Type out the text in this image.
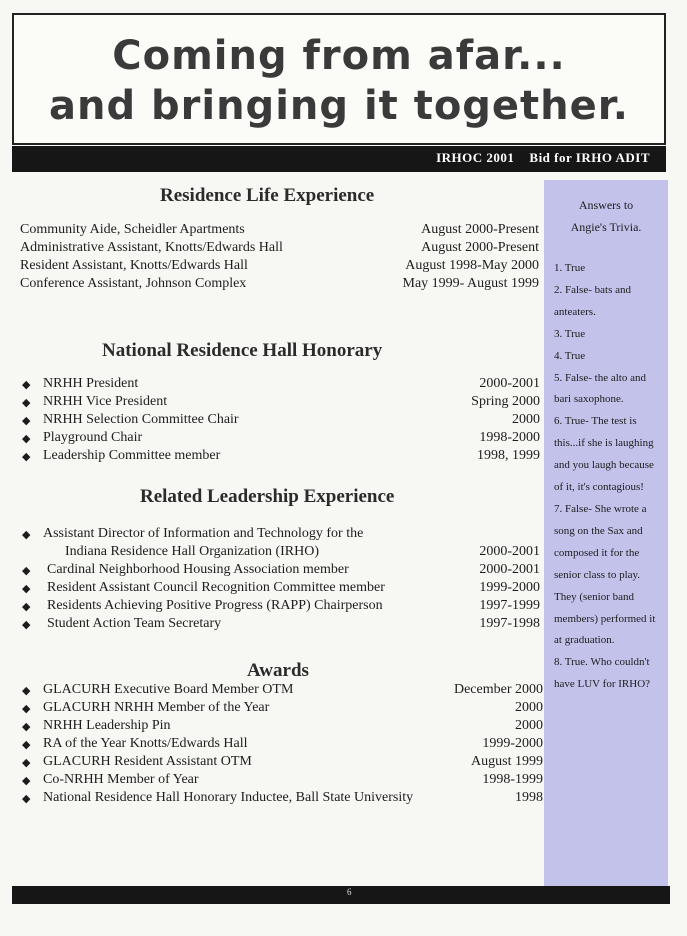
Coming from afar...
and bringing it together.
IRHOC 2001    Bid for IRHO ADIT
Answers to
Angie's Trivia.
1. True
2. False- bats and anteaters.
3. True
4. True
5. False- the alto and bari saxophone.
6. True- The test is this...if she is laughing and you laugh because of it, it's contagious!
7. False- She wrote a song on the Sax and composed it for the senior class to play. They (senior band members) performed it at graduation.
8. True. Who couldn't have LUV for IRHO?
Residence Life Experience
Community Aide, Scheidler Apartments	August 2000-Present
Administrative Assistant, Knotts/Edwards Hall	August 2000-Present
Resident Assistant, Knotts/Edwards Hall	August 1998-May 2000
Conference Assistant, Johnson Complex	May 1999- August 1999
National Residence Hall Honorary
◆ NRHH President	2000-2001
◆ NRHH Vice President	Spring 2000
◆ NRHH Selection Committee Chair	2000
◆ Playground Chair	1998-2000
◆ Leadership Committee member	1998, 1999
Related Leadership Experience
◆ Assistant Director of Information and Technology for the
Indiana Residence Hall Organization (IRHO)	2000-2001
◆ Cardinal Neighborhood Housing Association member	2000-2001
◆ Resident Assistant Council Recognition Committee member	1999-2000
◆ Residents Achieving Positive Progress (RAPP) Chairperson	1997-1999
◆ Student Action Team Secretary	1997-1998
Awards
◆ GLACURH Executive Board Member OTM	December 2000
◆ GLACURH NRHH Member of the Year	2000
◆ NRHH Leadership Pin	2000
◆ RA of the Year Knotts/Edwards Hall	1999-2000
◆ GLACURH Resident Assistant OTM	August 1999
◆ Co-NRHH Member of Year	1998-1999
◆ National Residence Hall Honorary Inductee, Ball State University	1998
6
